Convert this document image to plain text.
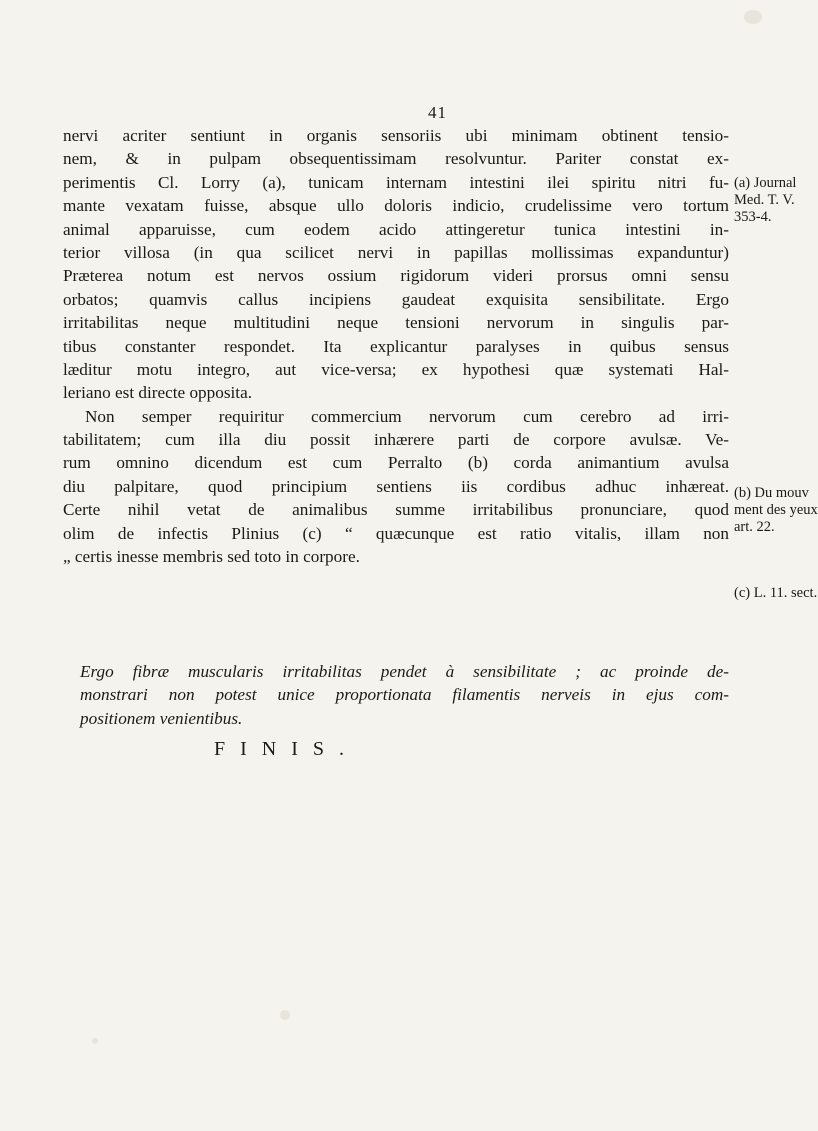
41
nervi acriter sentiunt in organis sensoriis ubi minimam obtinent tensio-
nem, & in pulpam obsequentissimam resolvuntur. Pariter constat ex-
perimentis Cl. Lorry (a), tunicam internam intestini ilei spiritu nitri fu-
mante vexatam fuisse, absque ullo doloris indicio, crudelissime vero tortum
animal apparuisse, cum eodem acido attingeretur tunica intestini in-
terior villosa (in qua scilicet nervi in papillas mollissimas expanduntur)
Præterea notum est nervos ossium rigidorum videri prorsus omni sensu
orbatos; quamvis callus incipiens gaudeat exquisita sensibilitate. Ergo
irritabilitas neque multitudini neque tensioni nervorum in singulis par-
tibus constanter respondet. Ita explicantur paralyses in quibus sensus
læditur motu integro, aut vice-versa; ex hypothesi quæ systemati Hal-
leriano est directe opposita.
Non semper requiritur commercium nervorum cum cerebro ad irri-
tabilitatem; cum illa diu possit inhærere parti de corpore avulsæ. Ve-
rum omnino dicendum est cum Perralto (b) corda animantium avulsa
diu palpitare, quod principium sentiens iis cordibus adhuc inhæreat.
Certe nihil vetat de animalibus summe irritabilibus pronunciare, quod
olim de infectis Plinius (c) “ quæcunque est ratio vitalis, illam non
„ certis inesse membris sed toto in corpore.
Ergo fibræ muscularis irritabilitas pendet à sensibilitate ; ac proinde de-
monstrari non potest unice proportionata filamentis nerveis in ejus com-
positionem venientibus.
FINIS.
(a) Journal
Med. T. V.
353-4.
(b) Du mouv
ment des yeux
art. 22.
(c) L. 11. sect.
